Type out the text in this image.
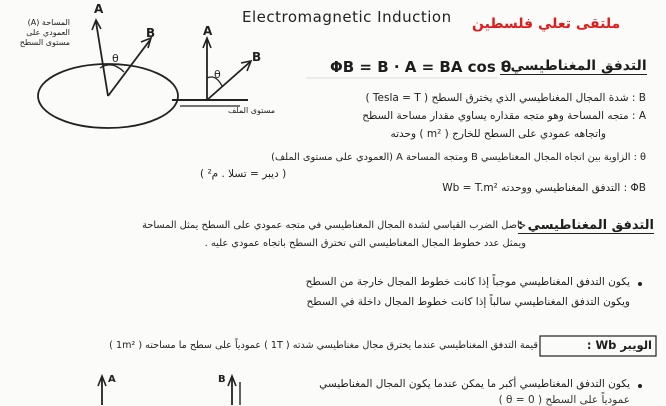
A
B
θ
المساحة (A) العمودي على مستوى السطح
A
B
θ
مستوى الملف
Electromagnetic Induction ملتقى تعلي فلسطين
ΦB = B · A = BA cos θ
التدفق المغناطيسي :
B : شدة المجال المغناطيسي الذي يخترق السطح ( Tesla = T )
A : متجه المساحة وهو متجه مقداره يساوي مقدار مساحة السطح
واتجاهه عمودي على السطح للخارج ( m² ) وحدته
θ : الزاوية بين اتجاه المجال المغناطيسي B ومتجه المساحة A (العمودي على مستوى الملف)
( ديبر = تسلا . م² )
ΦB : التدفق المغناطيسي ووحدته Wb = T.m²
التدفق المغناطيسي :
حاصل الضرب القياسي لشدة المجال المغناطيسي في متجه عمودي على السطح يمثل المساحة
ويمثل عدد خطوط المجال المغناطيسي التي تخترق السطح باتجاه عمودي عليه .
يكون التدفق المغناطيسي موجباً إذا كانت خطوط المجال خارجة من السطح
ويكون التدفق المغناطيسي سالباً إذا كانت خطوط المجال داخلة في السطح
الويبر Wb :
قيمة التدفق المغناطيسي عندما يخترق مجال مغناطيسي شدته ( 1T ) عمودياً على سطح ما مساحته ( 1m² )
يكون التدفق المغناطيسي أكبر ما يمكن عندما يكون المجال المغناطيسي
عمودياً على السطح ( θ = 0 )
A	B
